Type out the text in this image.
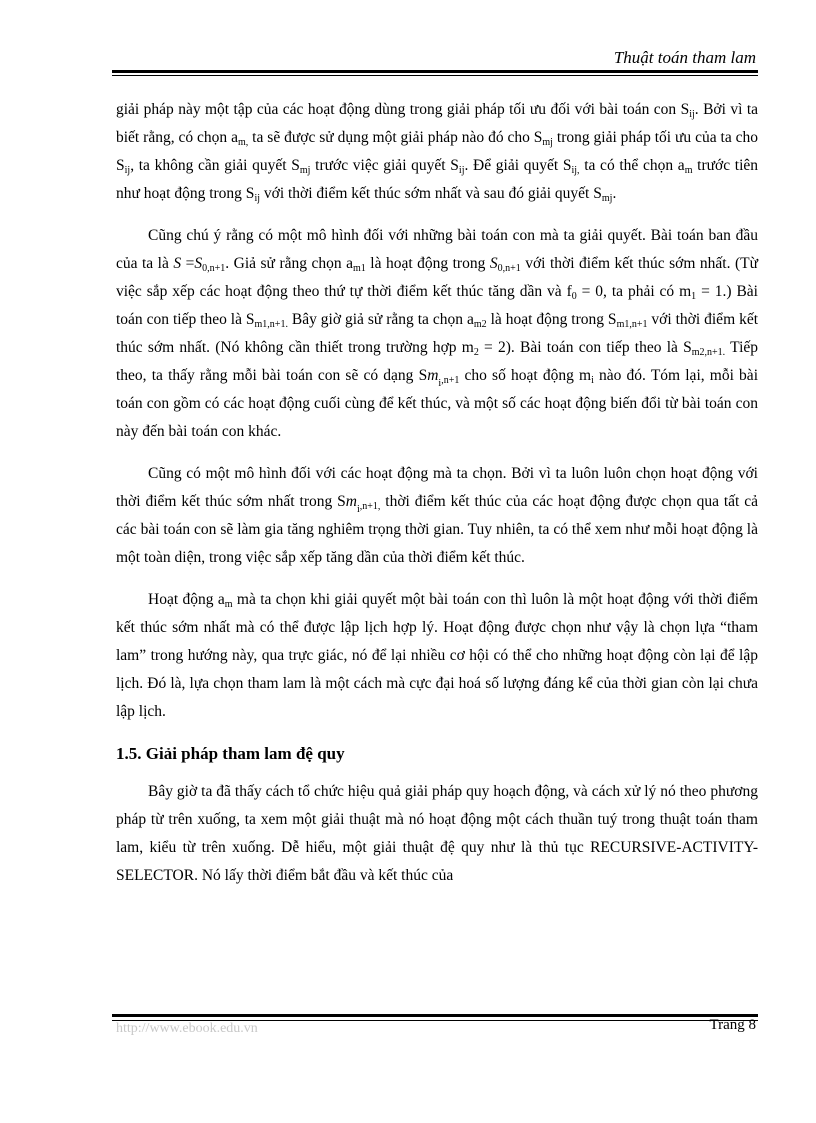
Thuật toán tham lam

giải pháp này một tập của các hoạt động dùng trong giải pháp tối ưu đối với bài toán con $S_{ij}$. Bởi vì ta biết rằng, có chọn $a_{m,}$ ta sẽ được sử dụng một giải pháp nào đó cho $S_{mj}$ trong giải pháp tối ưu của ta cho $S_{ij}$, ta không cần giải quyết $S_{mj}$ trước việc giải quyết $S_{ij}$. Để giải quyết $S_{ij,}$ ta có thể chọn $a_m$ trước tiên như hoạt động trong $S_{ij}$ với thời điểm kết thúc sớm nhất và sau đó giải quyết $S_{mj}$.

Cũng chú ý rằng có một mô hình đối với những bài toán con mà ta giải quyết. Bài toán ban đầu của ta là $S =S_{0,n+1}$. Giả sử rằng chọn $a_{m1}$ là hoạt động trong $S_{0,n+1}$ với thời điểm kết thúc sớm nhất. (Từ việc sắp xếp các hoạt động theo thứ tự thời điểm kết thúc tăng dần và $f_0 = 0$, ta phải có $m_1 = 1$.) Bài toán con tiếp theo là $S_{m1,n+1.}$ Bây giờ giả sử rằng ta chọn $a_{m2}$ là hoạt động trong $S_{m1,n+1}$ với thời điểm kết thúc sớm nhất. (Nó không cần thiết trong trường hợp $m_2 = 2$). Bài toán con tiếp theo là $S_{m2,n+1.}$ Tiếp theo, ta thấy rằng mỗi bài toán con sẽ có dạng $Sm_{_i,n+1}$ cho số hoạt động $m_i$ nào đó. Tóm lại, mỗi bài toán con gồm có các hoạt động cuối cùng để kết thúc, và một số các hoạt động biến đổi từ bài toán con này đến bài toán con khác.

Cũng có một mô hình đối với các hoạt động mà ta chọn. Bởi vì ta luôn luôn chọn hoạt động với thời điểm kết thúc sớm nhất trong $Sm_{_i,n+1,}$ thời điểm kết thúc của các hoạt động được chọn qua tất cả các bài toán con sẽ làm gia tăng nghiêm trọng thời gian. Tuy nhiên, ta có thể xem như mỗi hoạt động là một toàn diện, trong việc sắp xếp tăng dần của thời điểm kết thúc.

Hoạt động $a_m$ mà ta chọn khi giải quyết một bài toán con thì luôn là một hoạt động với thời điểm kết thúc sớm nhất mà có thể được lập lịch hợp lý. Hoạt động được chọn như vậy là chọn lựa “tham lam” trong hướng này, qua trực giác, nó để lại nhiều cơ hội có thể cho những hoạt động còn lại để lập lịch. Đó là, lựa chọn tham lam là một cách mà cực đại hoá số lượng đáng kể của thời gian còn lại chưa lập lịch.

1.5. Giải pháp tham lam đệ quy

Bây giờ ta đã thấy cách tổ chức hiệu quả giải pháp quy hoạch động, và cách xử lý nó theo phương pháp từ trên xuống, ta xem một giải thuật mà nó hoạt động một cách thuần tuý trong thuật toán tham lam, kiểu từ trên xuống. Dễ hiểu, một giải thuật đệ quy như là thủ tục RECURSIVE-ACTIVITY-SELECTOR. Nó lấy thời điểm bắt đầu và kết thúc của

http://www.ebook.edu.vn	Trang 8
